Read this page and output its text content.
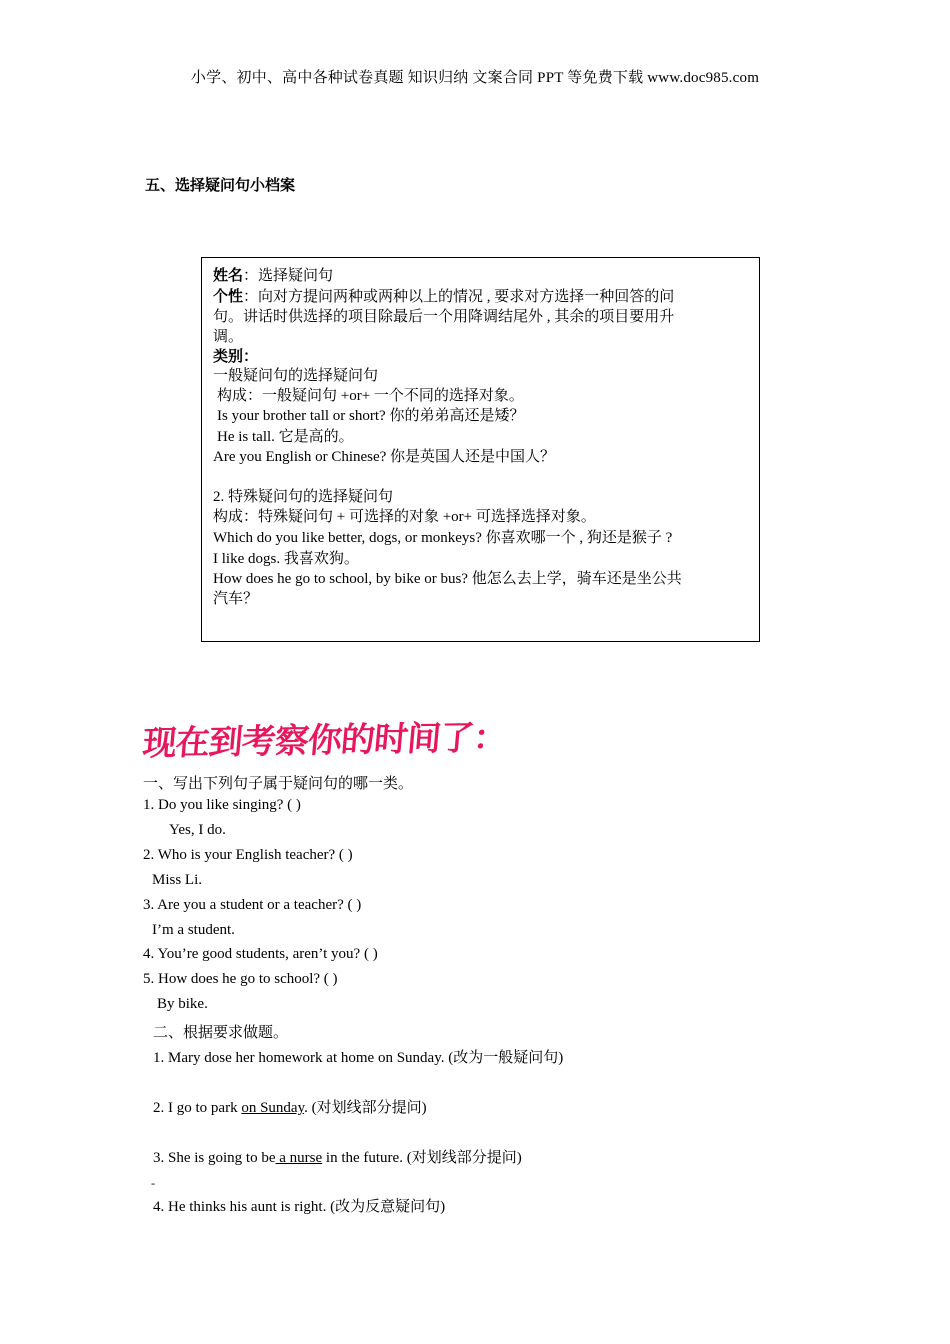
小学、初中、高中各种试卷真题 知识归纳 文案合同 PPT 等免费下载 www.doc985.com
五、选择疑问句小档案
姓名：选择疑问句
个性：向对方提问两种或两种以上的情况 , 要求对方选择一种回答的问
句。讲话时供选择的项目除最后一个用降调结尾外 , 其余的项目要用升
调。
类别：
一般疑问句的选择疑问句
构成：一般疑问句 +or+ 一个不同的选择对象。
Is your brother tall or short? 你的弟弟高还是矮？
He is tall. 它是高的。
Are you English or Chinese? 你是英国人还是中国人？
2. 特殊疑问句的选择疑问句
构成：特殊疑问句 + 可选择的对象 +or+ 可选择选择对象。
Which do you like better, dogs, or monkeys? 你喜欢哪一个 , 狗还是猴子 ?
I like dogs. 我喜欢狗。
How does he go to school, by bike or bus? 他怎么去上学，骑车还是坐公共
汽车？
现在到考察你的时间了：
一、写出下列句子属于疑问句的哪一类。
1. Do you like singing? ( )
Yes, I do.
2. Who is your English teacher? ( )
Miss Li.
3. Are you a student or a teacher? ( )
I’m a student.
4. You’re good students, aren’t you? ( )
5. How does he go to school? ( )
By bike.
二、根据要求做题。
1. Mary dose her homework at home on Sunday. (改为一般疑问句)
2. I go to park on Sunday. (对划线部分提问)
3. She is going to be a nurse in the future. (对划线部分提问)
-
4. He thinks his aunt is right. (改为反意疑问句)
